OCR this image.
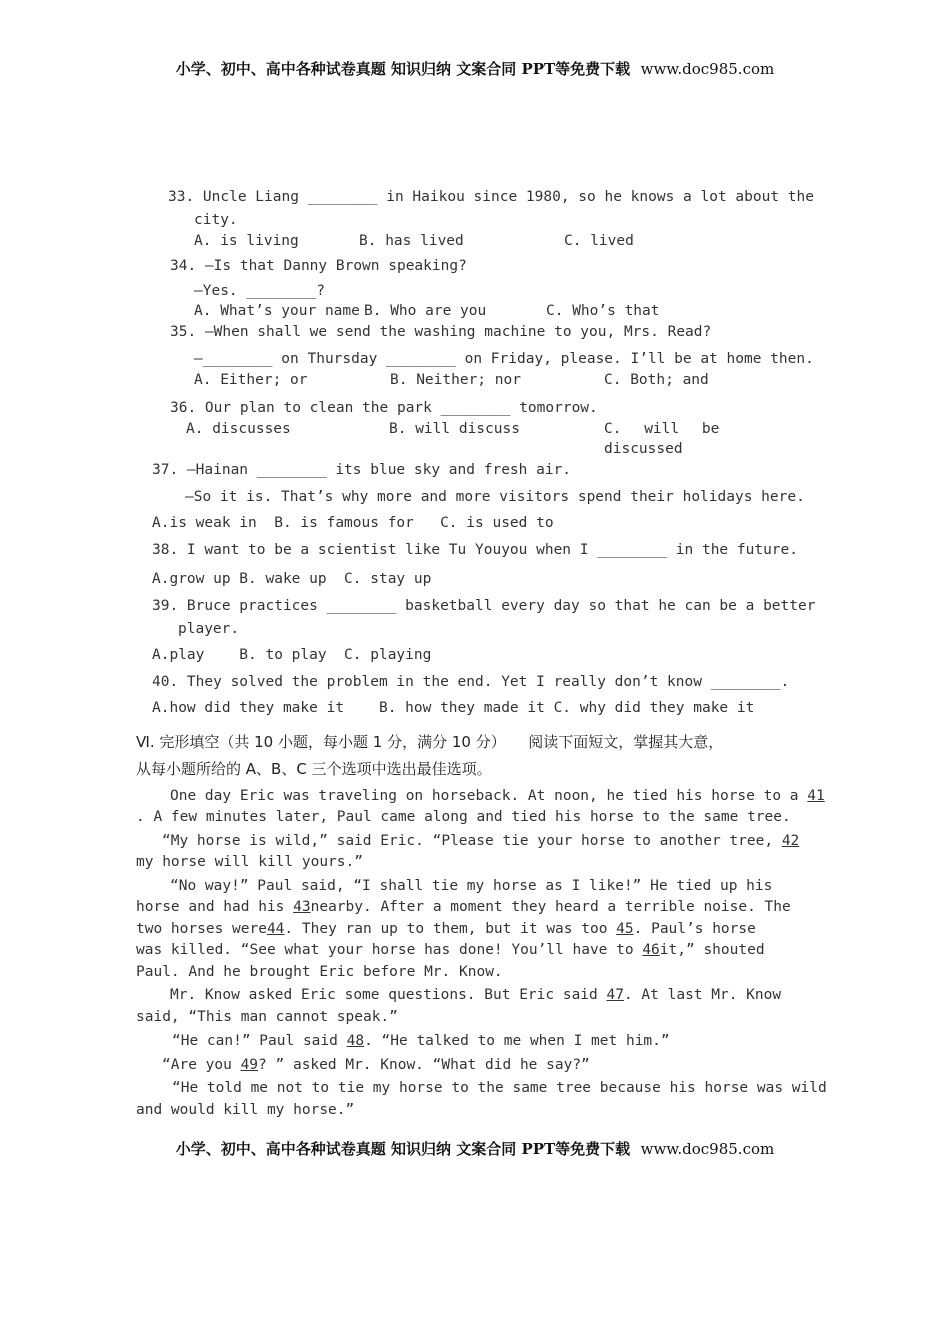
小学、初中、高中各种试卷真题 知识归纳 文案合同 PPT等免费下载 www.doc985.com
33. Uncle Liang ________ in Haikou since 1980, so he knows a lot about the
city.
A. is living	B. has lived	C. lived
34. —Is that Danny Brown speaking?
—Yes. ________?
A. What’s your name B. Who are you	C. Who’s that
35. —When shall we send the washing machine to you, Mrs. Read?
—________ on Thursday ________ on Friday, please. I’ll be at home then.
A. Either; or	B. Neither; nor	C. Both; and
36. Our plan to clean the park ________ tomorrow.
A. discusses	B. will discuss	C. will be
discussed
37. —Hainan ________ its blue sky and fresh air.
—So it is. That’s why more and more visitors spend their holidays here.
A.is weak in  B. is famous for   C. is used to
38. I want to be a scientist like Tu Youyou when I ________ in the future.
A.grow up B. wake up  C. stay up
39. Bruce practices ________ basketball every day so that he can be a better
player.
A.play    B. to play  C. playing
40. They solved the problem in the end. Yet I really don’t know ________.
A.how did they make it    B. how they made it C. why did they make it
Ⅵ. 完形填空（共 10 小题，每小题 1 分，满分 10 分）　　阅读下面短文，掌握其大意，
从每小题所给的 A、B、C 三个选项中选出最佳选项。
One day Eric was traveling on horseback. At noon, he tied his horse to a 41
. A few minutes later, Paul came along and tied his horse to the same tree.
“My horse is wild,” said Eric. “Please tie your horse to another tree, 42
my horse will kill yours.”
“No way!” Paul said, “I shall tie my horse as I like!” He tied up his
horse and had his 43nearby. After a moment they heard a terrible noise. The
two horses were44. They ran up to them, but it was too 45. Paul’s horse
was killed. “See what your horse has done! You’ll have to 46it,” shouted
Paul. And he brought Eric before Mr. Know.
Mr. Know asked Eric some questions. But Eric said 47. At last Mr. Know
said, “This man cannot speak.”
“He can!” Paul said 48. “He talked to me when I met him.”
“Are you 49? ” asked Mr. Know. “What did he say?”
“He told me not to tie my horse to the same tree because his horse was wild
and would kill my horse.”
小学、初中、高中各种试卷真题 知识归纳 文案合同 PPT等免费下载 www.doc985.com
